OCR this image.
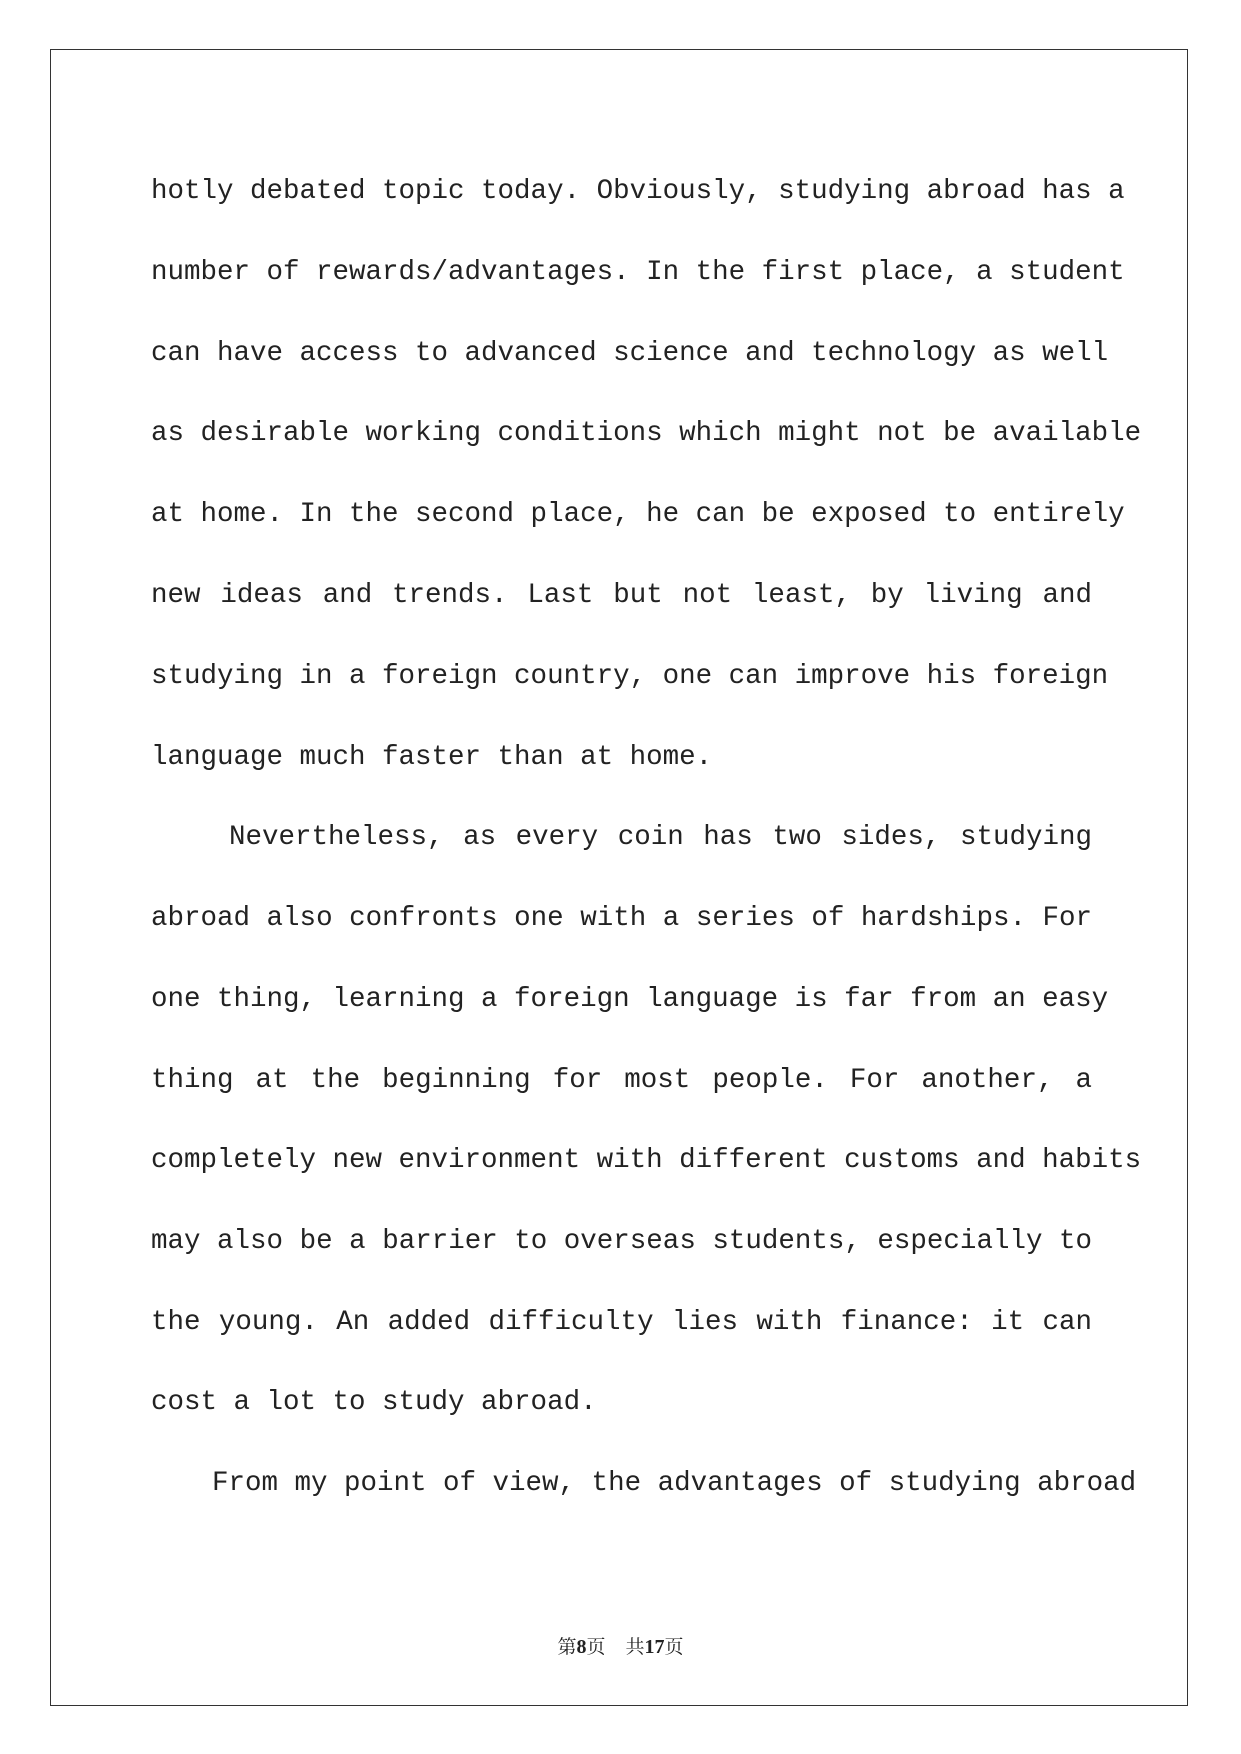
hotly debated topic today. Obviously, studying abroad has a
number of rewards/advantages. In the first place, a student
can have access to advanced science and technology as well
as desirable working conditions which might not be available
at home. In the second place, he can be exposed to entirely
new ideas and trends. Last but not least, by living and
studying in a foreign country, one can improve his foreign
language much faster than at home.
Nevertheless, as every coin has two sides, studying
abroad also confronts one with a series of hardships. For
one thing, learning a foreign language is far from an easy
thing at the beginning for most people. For another, a
completely new environment with different customs and habits
may also be a barrier to overseas students, especially to
the young. An added difficulty lies with finance: it can
cost a lot to study abroad.
From my point of view, the advantages of studying abroad
第8页 共17页
